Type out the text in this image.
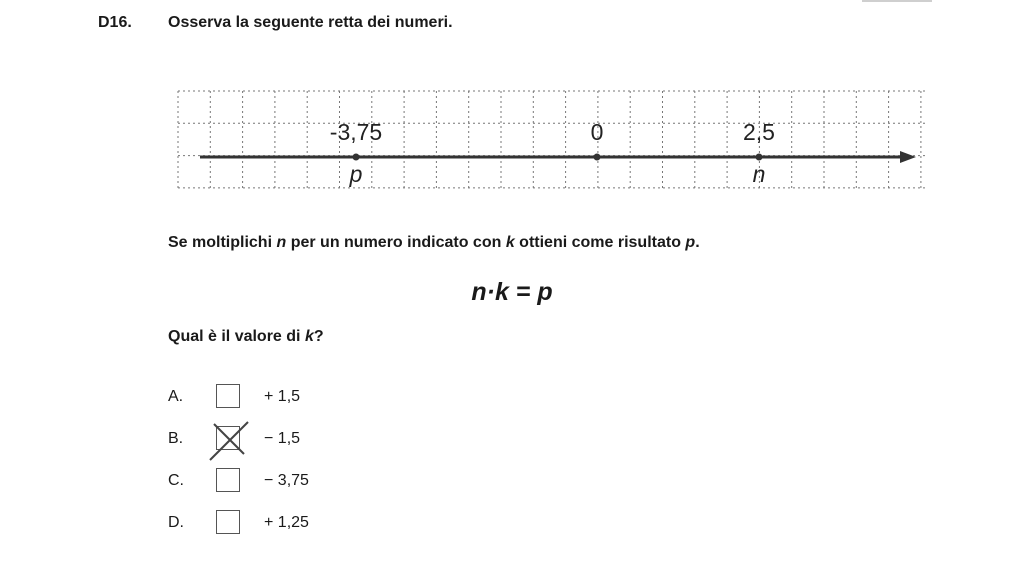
D16. Osserva la seguente retta dei numeri.
-3,75	0	2,5
p	n
Se moltiplichi n per un numero indicato con k ottieni come risultato p.
n·k = p
Qual è il valore di k?
A.	+ 1,5
B.	− 1,5
C.	− 3,75
D.	+ 1,25
